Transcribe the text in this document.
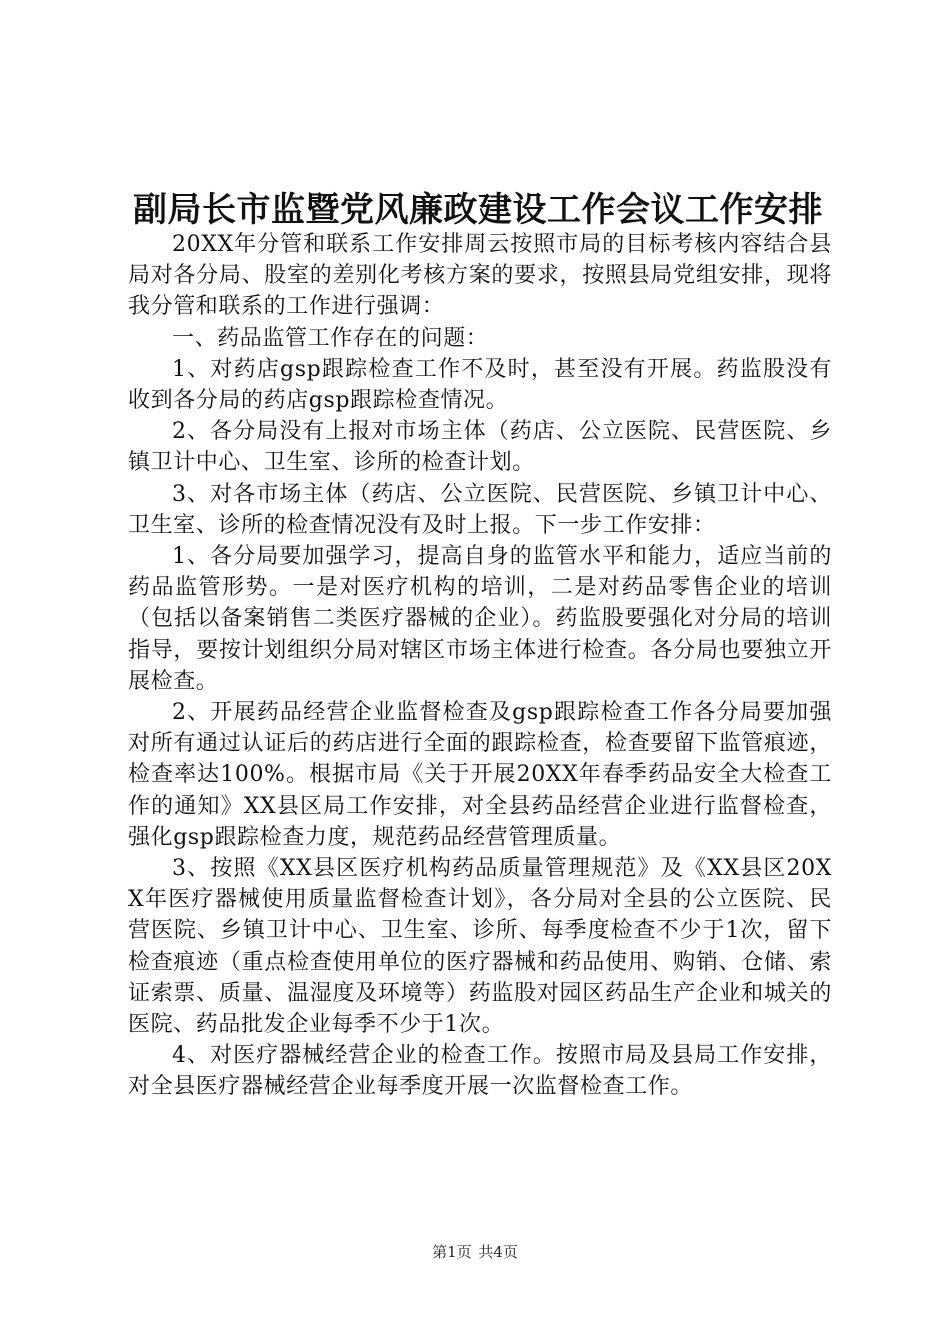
副局长市监暨党风廉政建设工作会议工作安排

20XX年分管和联系工作安排周云按照市局的目标考核内容结合县局对各分局、股室的差别化考核方案的要求，按照县局党组安排，现将我分管和联系的工作进行强调：

一、药品监管工作存在的问题：

1、对药店gsp跟踪检查工作不及时，甚至没有开展。药监股没有收到各分局的药店gsp跟踪检查情况。

2、各分局没有上报对市场主体（药店、公立医院、民营医院、乡镇卫计中心、卫生室、诊所的检查计划。

3、对各市场主体（药店、公立医院、民营医院、乡镇卫计中心、卫生室、诊所的检查情况没有及时上报。下一步工作安排：

1、各分局要加强学习，提高自身的监管水平和能力，适应当前的药品监管形势。一是对医疗机构的培训，二是对药品零售企业的培训（包括以备案销售二类医疗器械的企业）。药监股要强化对分局的培训指导，要按计划组织分局对辖区市场主体进行检查。各分局也要独立开展检查。

2、开展药品经营企业监督检查及gsp跟踪检查工作各分局要加强对所有通过认证后的药店进行全面的跟踪检查，检查要留下监管痕迹，检查率达100%。根据市局《关于开展20XX年春季药品安全大检查工作的通知》XX县区局工作安排，对全县药品经营企业进行监督检查，强化gsp跟踪检查力度，规范药品经营管理质量。

3、按照《XX县区医疗机构药品质量管理规范》及《XX县区20XX年医疗器械使用质量监督检查计划》，各分局对全县的公立医院、民营医院、乡镇卫计中心、卫生室、诊所、每季度检查不少于1次，留下检查痕迹（重点检查使用单位的医疗器械和药品使用、购销、仓储、索证索票、质量、温湿度及环境等）药监股对园区药品生产企业和城关的医院、药品批发企业每季不少于1次。

4、对医疗器械经营企业的检查工作。按照市局及县局工作安排，对全县医疗器械经营企业每季度开展一次监督检查工作。

第1页 共4页
